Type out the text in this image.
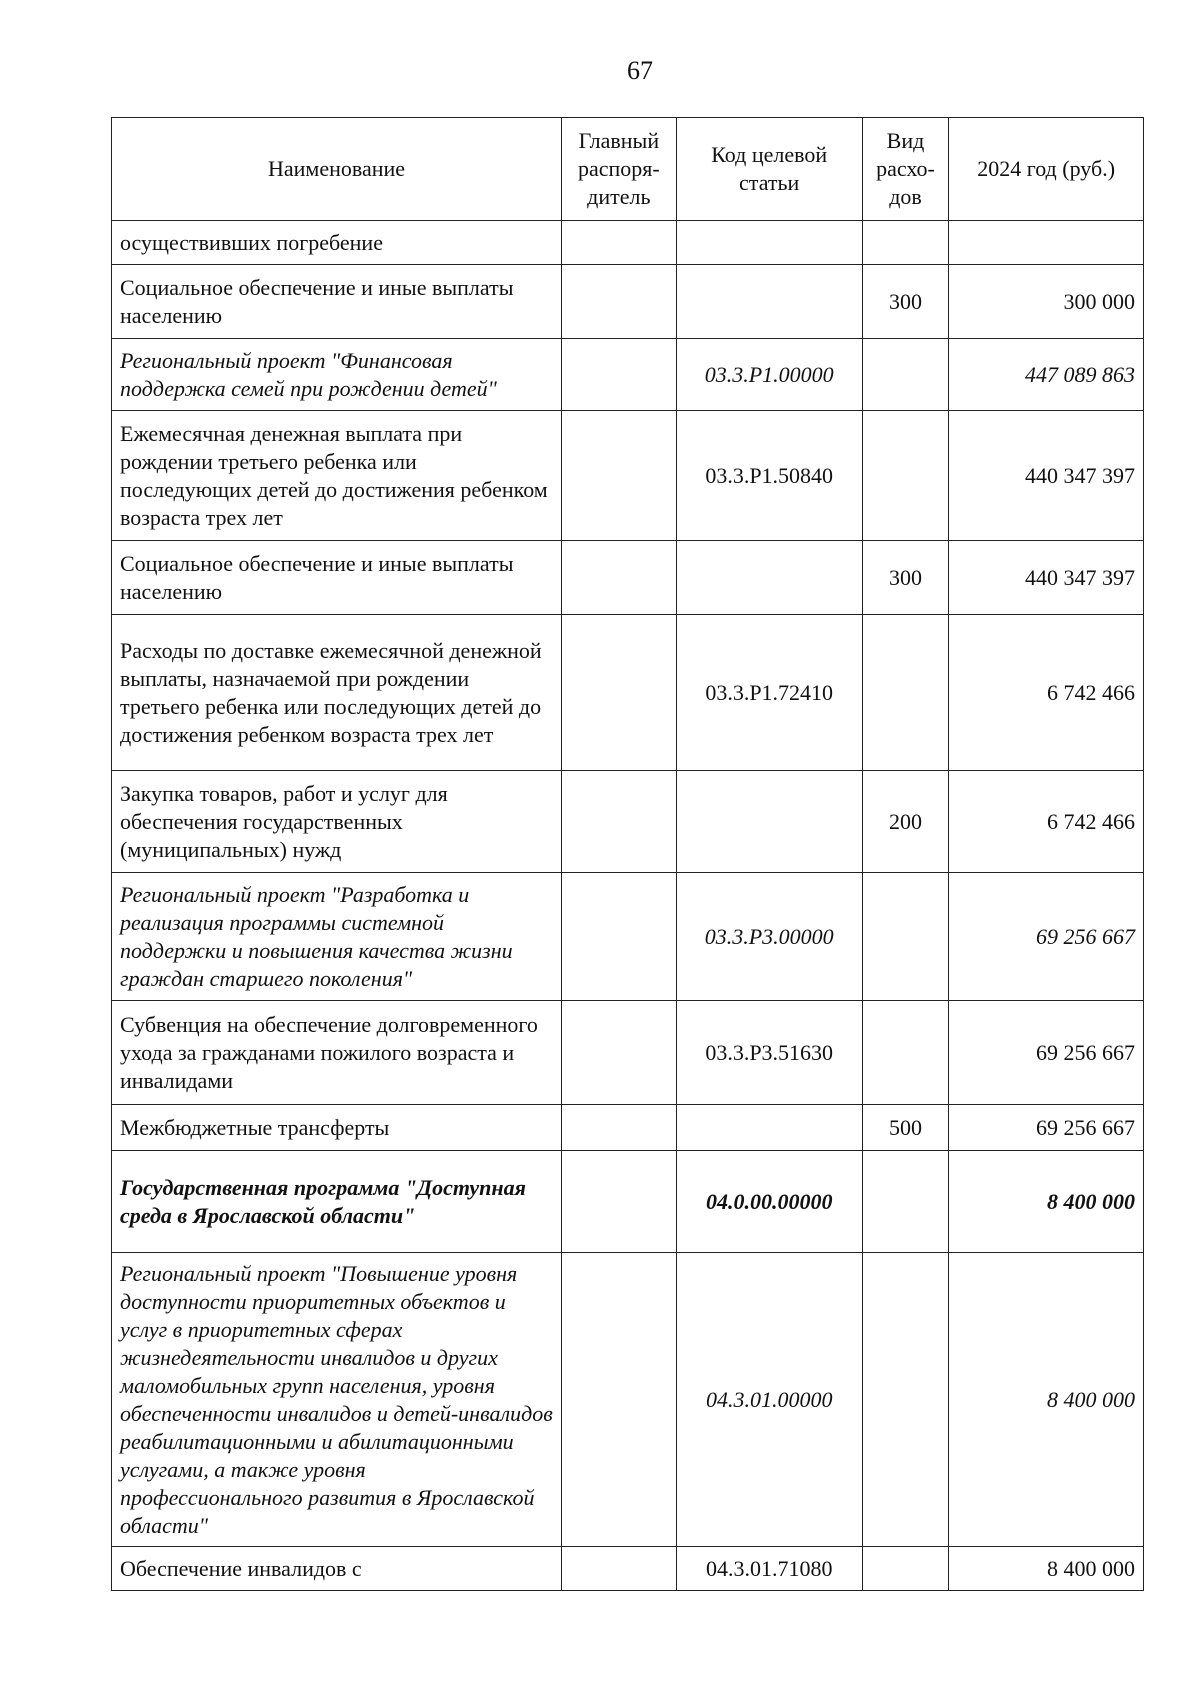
67
Наименование	Главный распоря-дитель	Код целевой статьи	Вид расхо-дов	2024 год (руб.)
осуществивших погребение				
Социальное обеспечение и иные выплаты населению			300	300 000
Региональный проект "Финансовая поддержка семей при рождении детей"		03.3.P1.00000		447 089 863
Ежемесячная денежная выплата при рождении третьего ребенка или последующих детей до достижения ребенком возраста трех лет		03.3.P1.50840		440 347 397
Социальное обеспечение и иные выплаты населению			300	440 347 397
Расходы по доставке ежемесячной денежной выплаты, назначаемой при рождении третьего ребенка или последующих детей до достижения ребенком возраста трех лет		03.3.P1.72410		6 742 466
Закупка товаров, работ и услуг для обеспечения государственных (муниципальных) нужд			200	6 742 466
Региональный проект "Разработка и реализация программы системной поддержки и повышения качества жизни граждан старшего поколения"		03.3.P3.00000		69 256 667
Субвенция на обеспечение долговременного ухода за гражданами пожилого возраста и инвалидами		03.3.P3.51630		69 256 667
Межбюджетные трансферты			500	69 256 667
Государственная программа "Доступная среда в Ярославской области"		04.0.00.00000		8 400 000
Региональный проект "Повышение уровня доступности приоритетных объектов и услуг в приоритетных сферах жизнедеятельности инвалидов и других маломобильных групп населения, уровня обеспеченности инвалидов и детей-инвалидов реабилитационными и абилитационными услугами, а также уровня профессионального развития в Ярославской области"		04.3.01.00000		8 400 000
Обеспечение инвалидов с		04.3.01.71080		8 400 000
